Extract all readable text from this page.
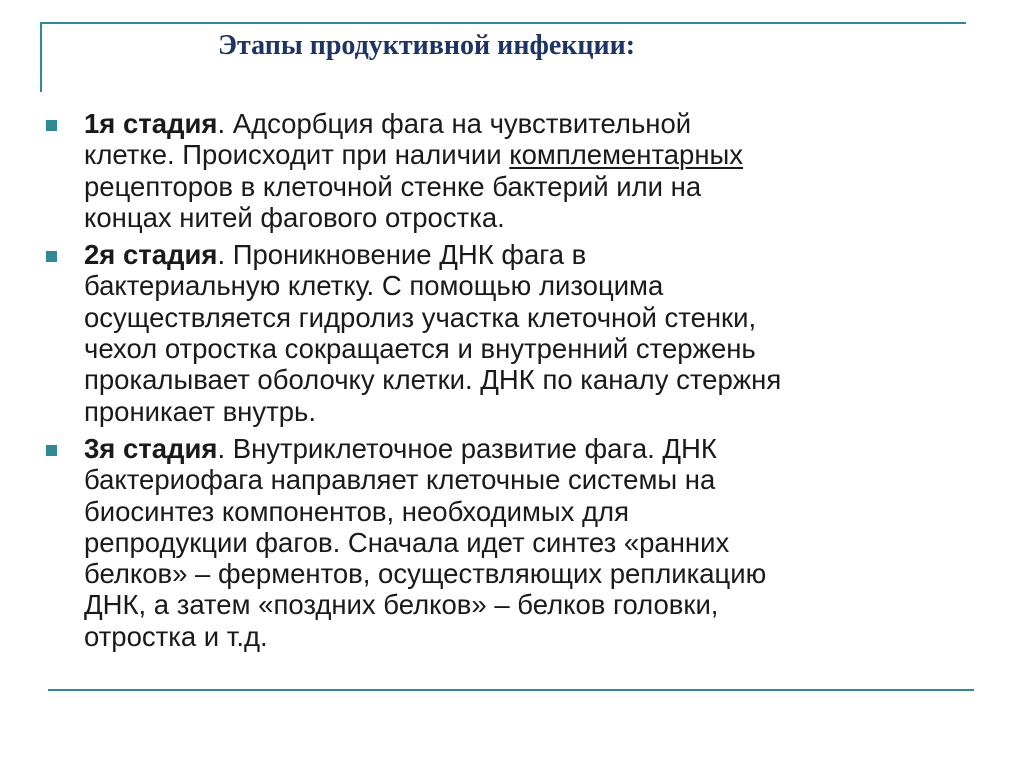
Этапы продуктивной инфекции:
1я стадия. Адсорбция фага на чувствительной
клетке. Происходит при наличии комплементарных
рецепторов в клеточной стенке бактерий или на
концах нитей фагового отростка.
2я стадия. Проникновение ДНК фага в
бактериальную клетку. С помощью лизоцима
осуществляется гидролиз участка клеточной стенки,
чехол отростка сокращается и внутренний стержень
прокалывает оболочку клетки. ДНК по каналу стержня
проникает внутрь.
3я стадия. Внутриклеточное развитие фага. ДНК
бактериофага направляет клеточные системы на
биосинтез компонентов, необходимых для
репродукции фагов. Сначала идет синтез «ранних
белков» – ферментов, осуществляющих репликацию
ДНК, а затем «поздних белков» – белков головки,
отростка и т.д.
